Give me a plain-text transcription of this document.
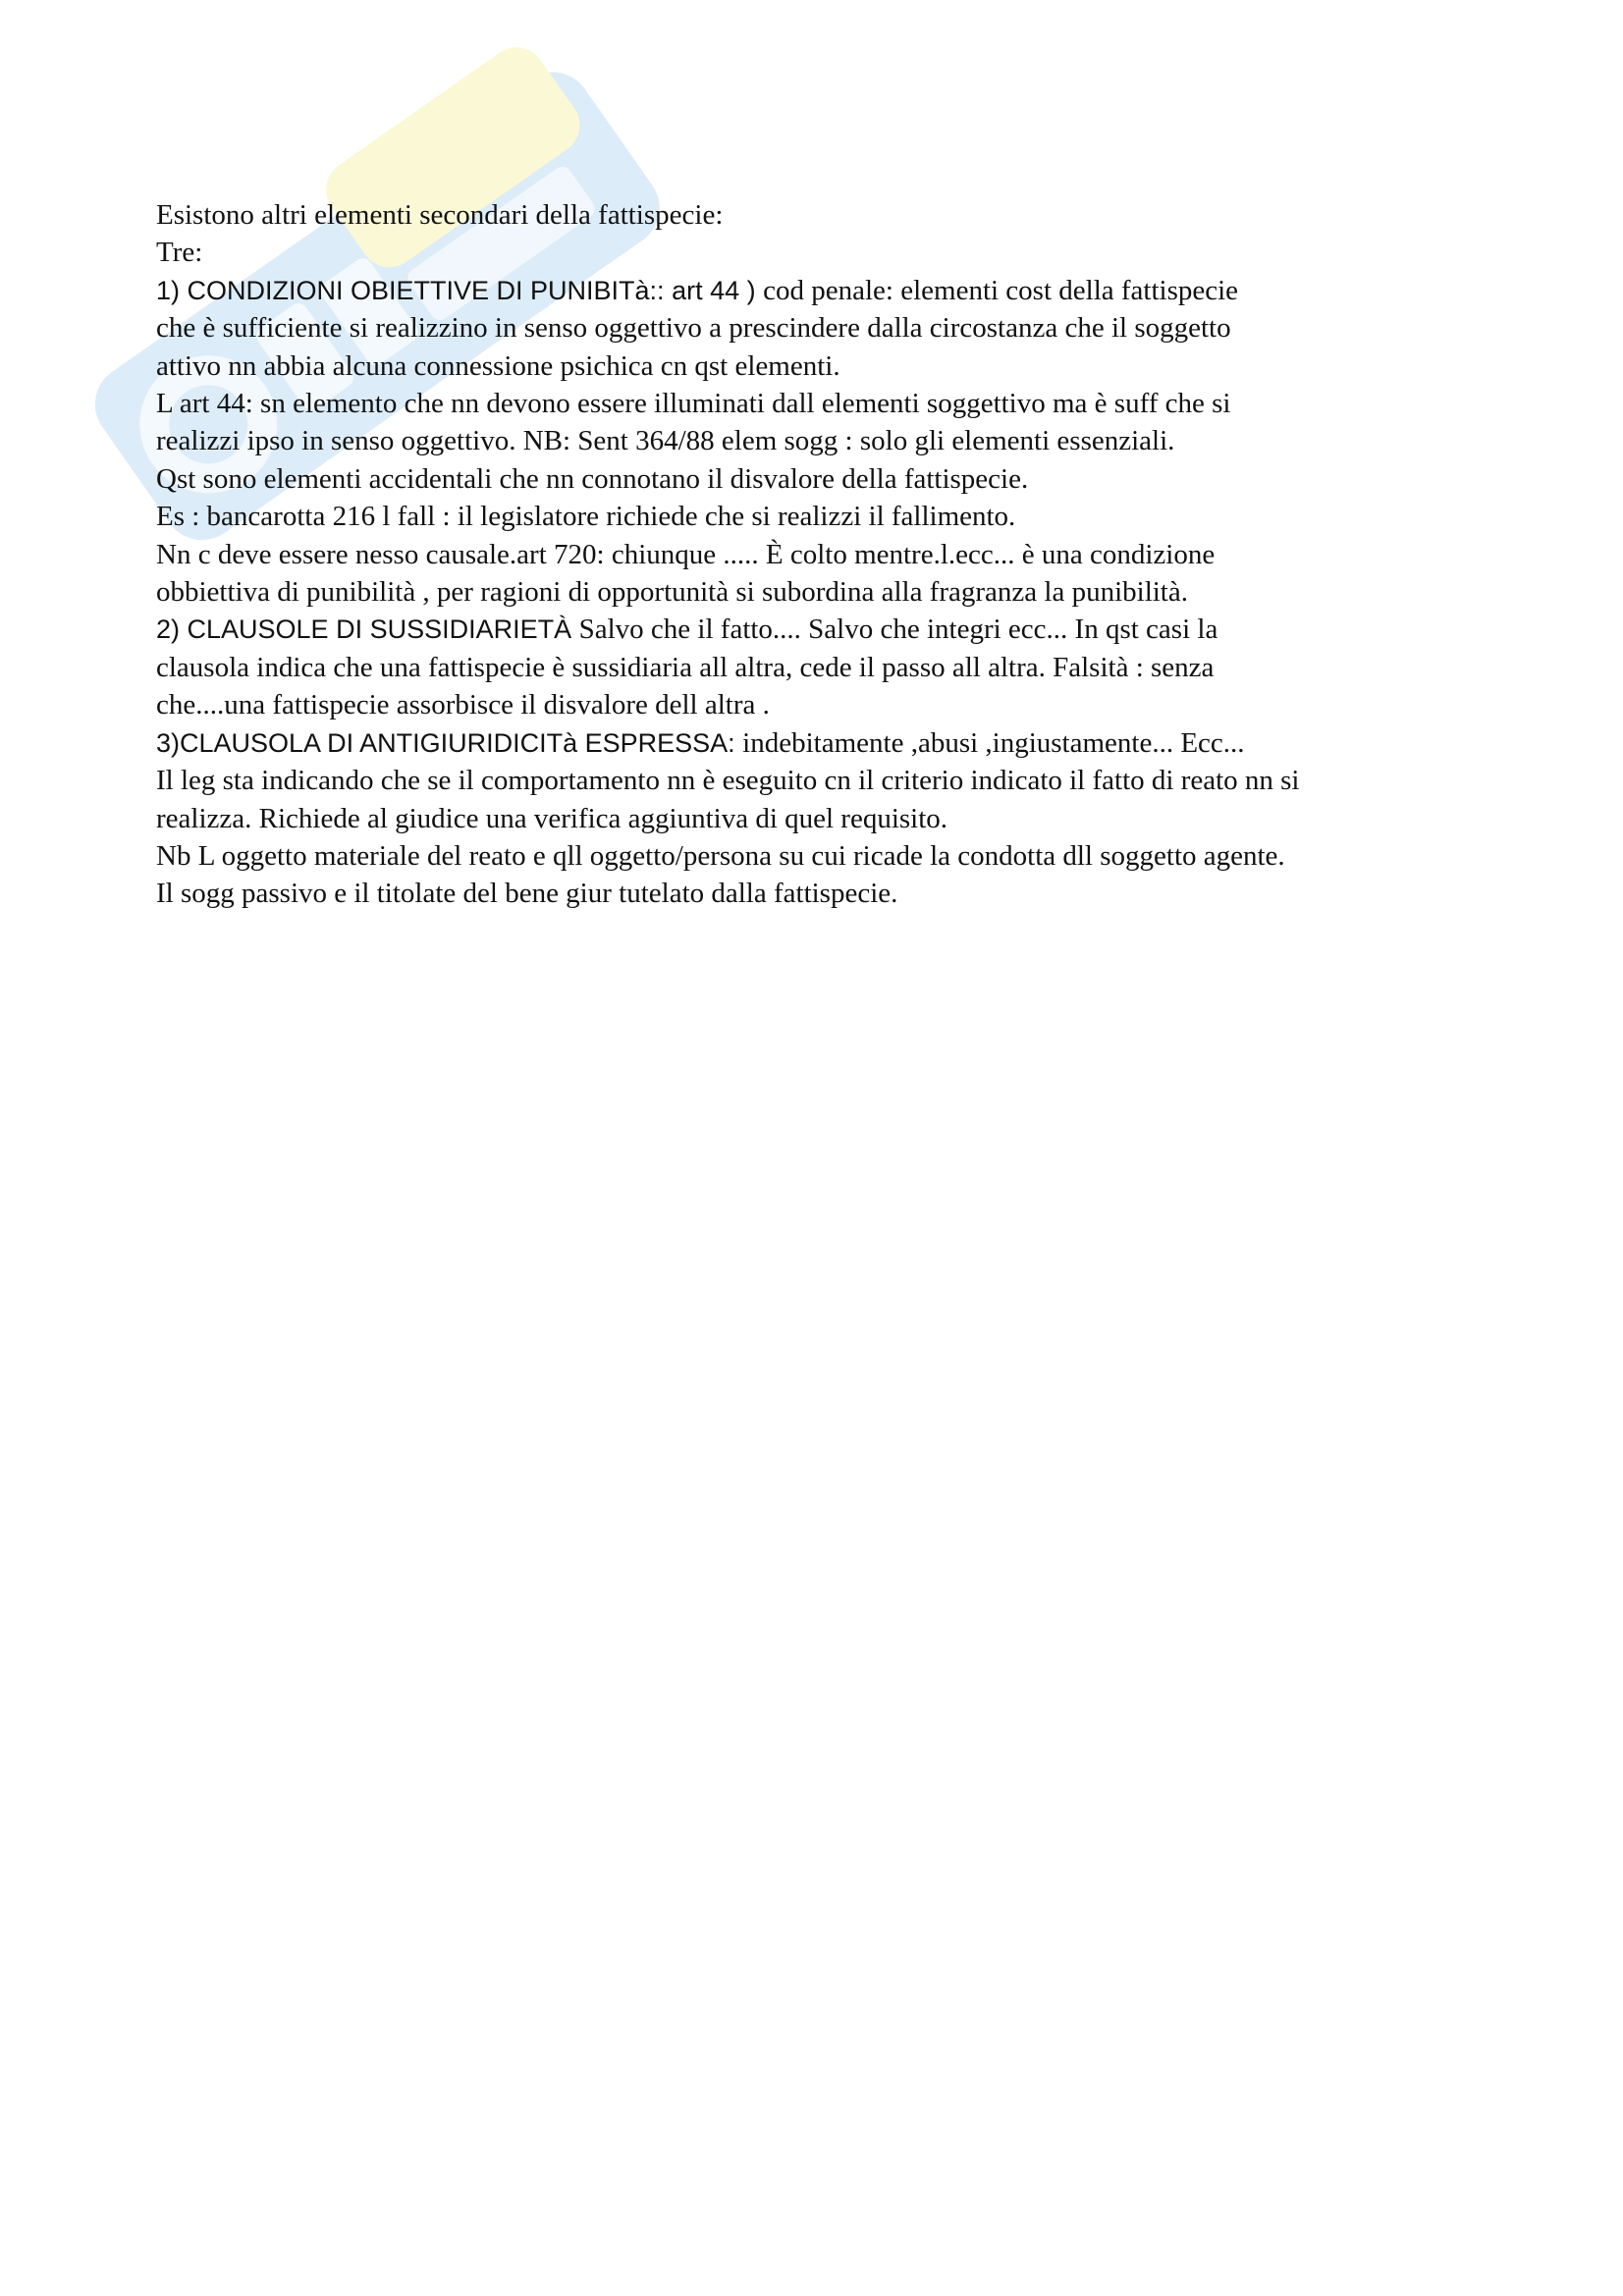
Esistono altri elementi secondari della fattispecie:
Tre:
1) CONDIZIONI OBIETTIVE DI PUNIBITà:: art 44 ) cod penale: elementi cost della fattispecie
che è sufficiente si realizzino in senso oggettivo a prescindere dalla circostanza che il soggetto
attivo nn abbia alcuna connessione psichica cn qst elementi.
L art 44: sn elemento che nn devono essere illuminati dall elementi soggettivo ma è suff che si
realizzi ipso in senso oggettivo. NB: Sent 364/88 elem sogg : solo gli elementi essenziali.
Qst sono elementi accidentali che nn connotano il disvalore della fattispecie.
Es : bancarotta 216 l fall : il legislatore richiede che si realizzi il fallimento.
Nn c deve essere nesso causale.art 720: chiunque ..... È colto mentre.l.ecc... è una condizione
obbiettiva di punibilità , per ragioni di opportunità si subordina alla fragranza la punibilità.
2) CLAUSOLE DI SUSSIDIARIETÀ Salvo che il fatto.... Salvo che integri ecc... In qst casi la
clausola indica che una fattispecie è sussidiaria all altra, cede il passo all altra. Falsità : senza
che....una fattispecie assorbisce il disvalore dell altra .
3)CLAUSOLA DI ANTIGIURIDICITà ESPRESSA: indebitamente ,abusi ,ingiustamente... Ecc...
Il leg sta indicando che se il comportamento nn è eseguito cn il criterio indicato il fatto di reato nn si
realizza. Richiede al giudice una verifica aggiuntiva di quel requisito.
Nb L oggetto materiale del reato e qll oggetto/persona su cui ricade la condotta dll soggetto agente.
Il sogg passivo e il titolate del bene giur tutelato dalla fattispecie.
